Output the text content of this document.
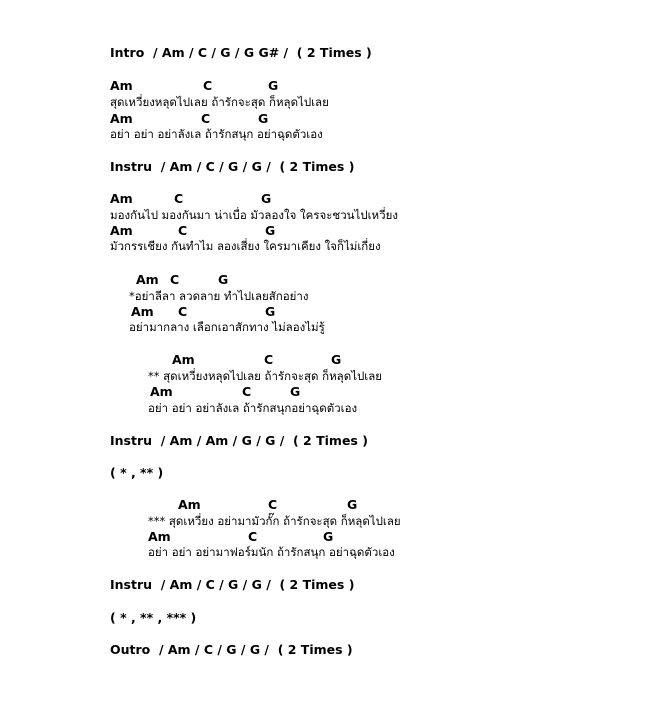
Intro  / Am / C / G / G G# /  ( 2 Times )
Am	C	G
สุดเหวี่ยงหลุดไปเลย ถ้ารักจะสุด ก็หลุดไปเลย
Am	C	G
อย่า อย่า อย่าลังเล ถ้ารักสนุก อย่าฉุดตัวเอง
Instru  / Am / C / G / G /  ( 2 Times )
Am	C	G
มองกันไป มองกันมา น่าเบื่อ มัวลองใจ ใครจะชวนไปเหวี่ยง
Am	C	G
มัวกรรเชียง กันทำไม ลองเสี่ยง ใครมาเคียง ใจก็ไม่เกี่ยง
Am C	G
*อย่าลีลา ลวดลาย ทำไปเลยสักอย่าง
Am C	G
อย่ามากลาง เลือกเอาสักทาง ไม่ลองไม่รู้
Am	C	G
** สุดเหวี่ยงหลุดไปเลย ถ้ารักจะสุด ก็หลุดไปเลย
Am	C	G
อย่า อย่า อย่าลังเล ถ้ารักสนุกอย่าฉุดตัวเอง
Instru  / Am / Am / G / G /  ( 2 Times )
( * , ** )
Am	C	G
*** สุดเหวี่ยง อย่ามามัวกั๊ก ถ้ารักจะสุด ก็หลุดไปเลย
Am	C	G
อย่า อย่า อย่ามาฟอร์มนัก ถ้ารักสนุก อย่าฉุดตัวเอง
Instru  / Am / C / G / G /  ( 2 Times )
( * , ** , *** )
Outro  / Am / C / G / G /  ( 2 Times )
